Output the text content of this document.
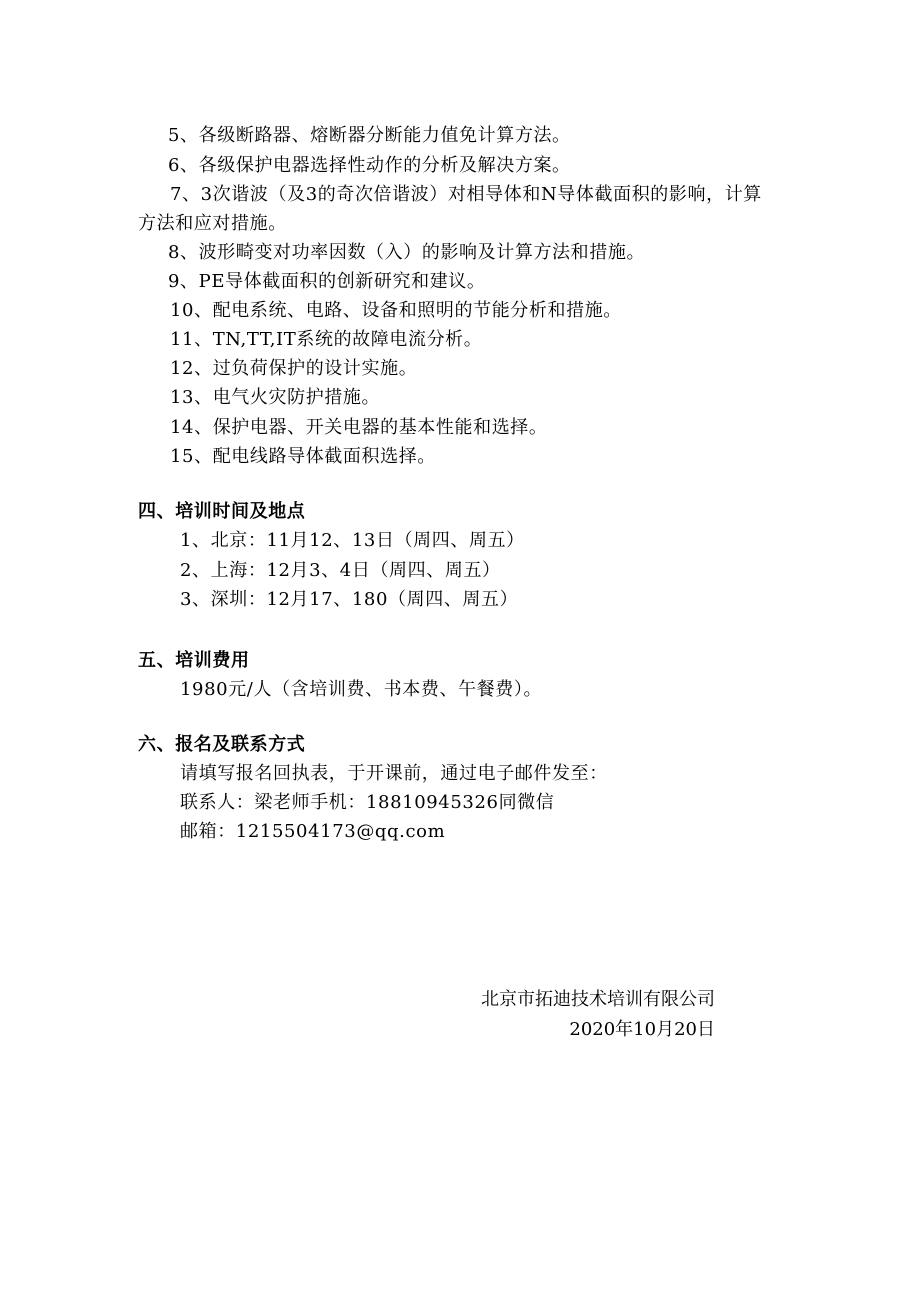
5、各级断路器、熔断器分断能力值免计算方法。
6、各级保护电器选择性动作的分析及解决方案。
7、3次谐波（及3的奇次倍谐波）对相导体和N导体截面积的影响，计算
方法和应对措施。
8、波形畸变对功率因数（入）的影响及计算方法和措施。
9、PE导体截面积的创新研究和建议。
10、配电系统、电路、设备和照明的节能分析和措施。
11、TN,TT,IT系统的故障电流分析。
12、过负荷保护的设计实施。
13、电气火灾防护措施。
14、保护电器、开关电器的基本性能和选择。
15、配电线路导体截面积选择。
四、培训时间及地点
1、北京：11月12、13日（周四、周五）
2、上海：12月3、4日（周四、周五）
3、深圳：12月17、180（周四、周五）
五、培训费用
1980元/人（含培训费、书本费、午餐费）。
六、报名及联系方式
请填写报名回执表，于开课前，通过电子邮件发至：
联系人：梁老师手机：18810945326同微信
邮箱：1215504173@qq.com
北京市拓迪技术培训有限公司
2020年10月20日
